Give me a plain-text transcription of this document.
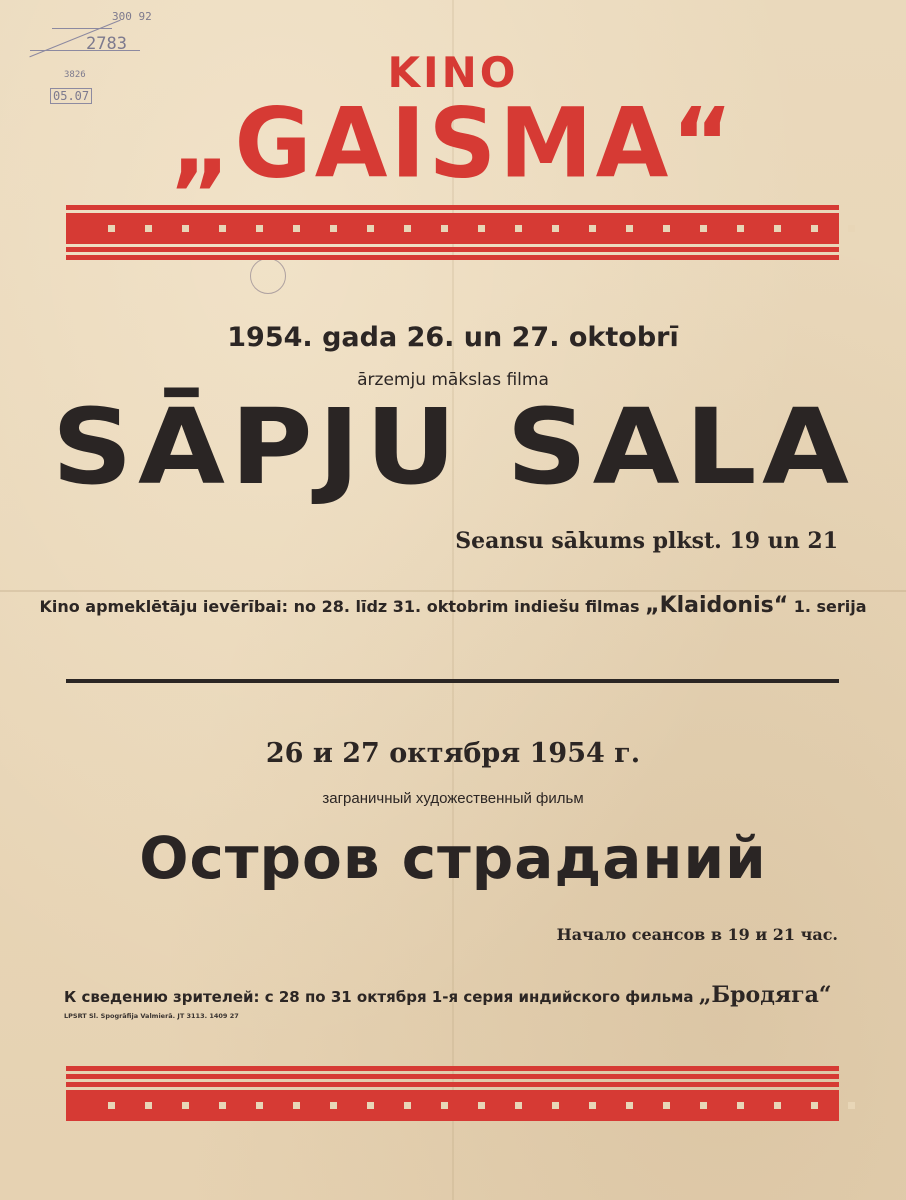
300 92
2783
3826
05.07	KINO
„GAISMA“
1954. gada 26. un 27. oktobrī
ārzemju mākslas filma
SĀPJU SALA
Seansu sākums plkst. 19 un 21
Kino apmeklētāju ievērībai: no 28. līdz 31. oktobrim indiešu filmas „Klaidonis“ 1. serija
26 и 27 октября 1954 г.
заграничный художественный фильм
Остров страданий
Начало сеансов в 19 и 21 час.
К сведению зрителей: с 28 по 31 октября 1-я серия индийского фильма „Бродяга“
LPSRT Sl. Spogrāfija Valmierā. JT 3113. 1409 27
